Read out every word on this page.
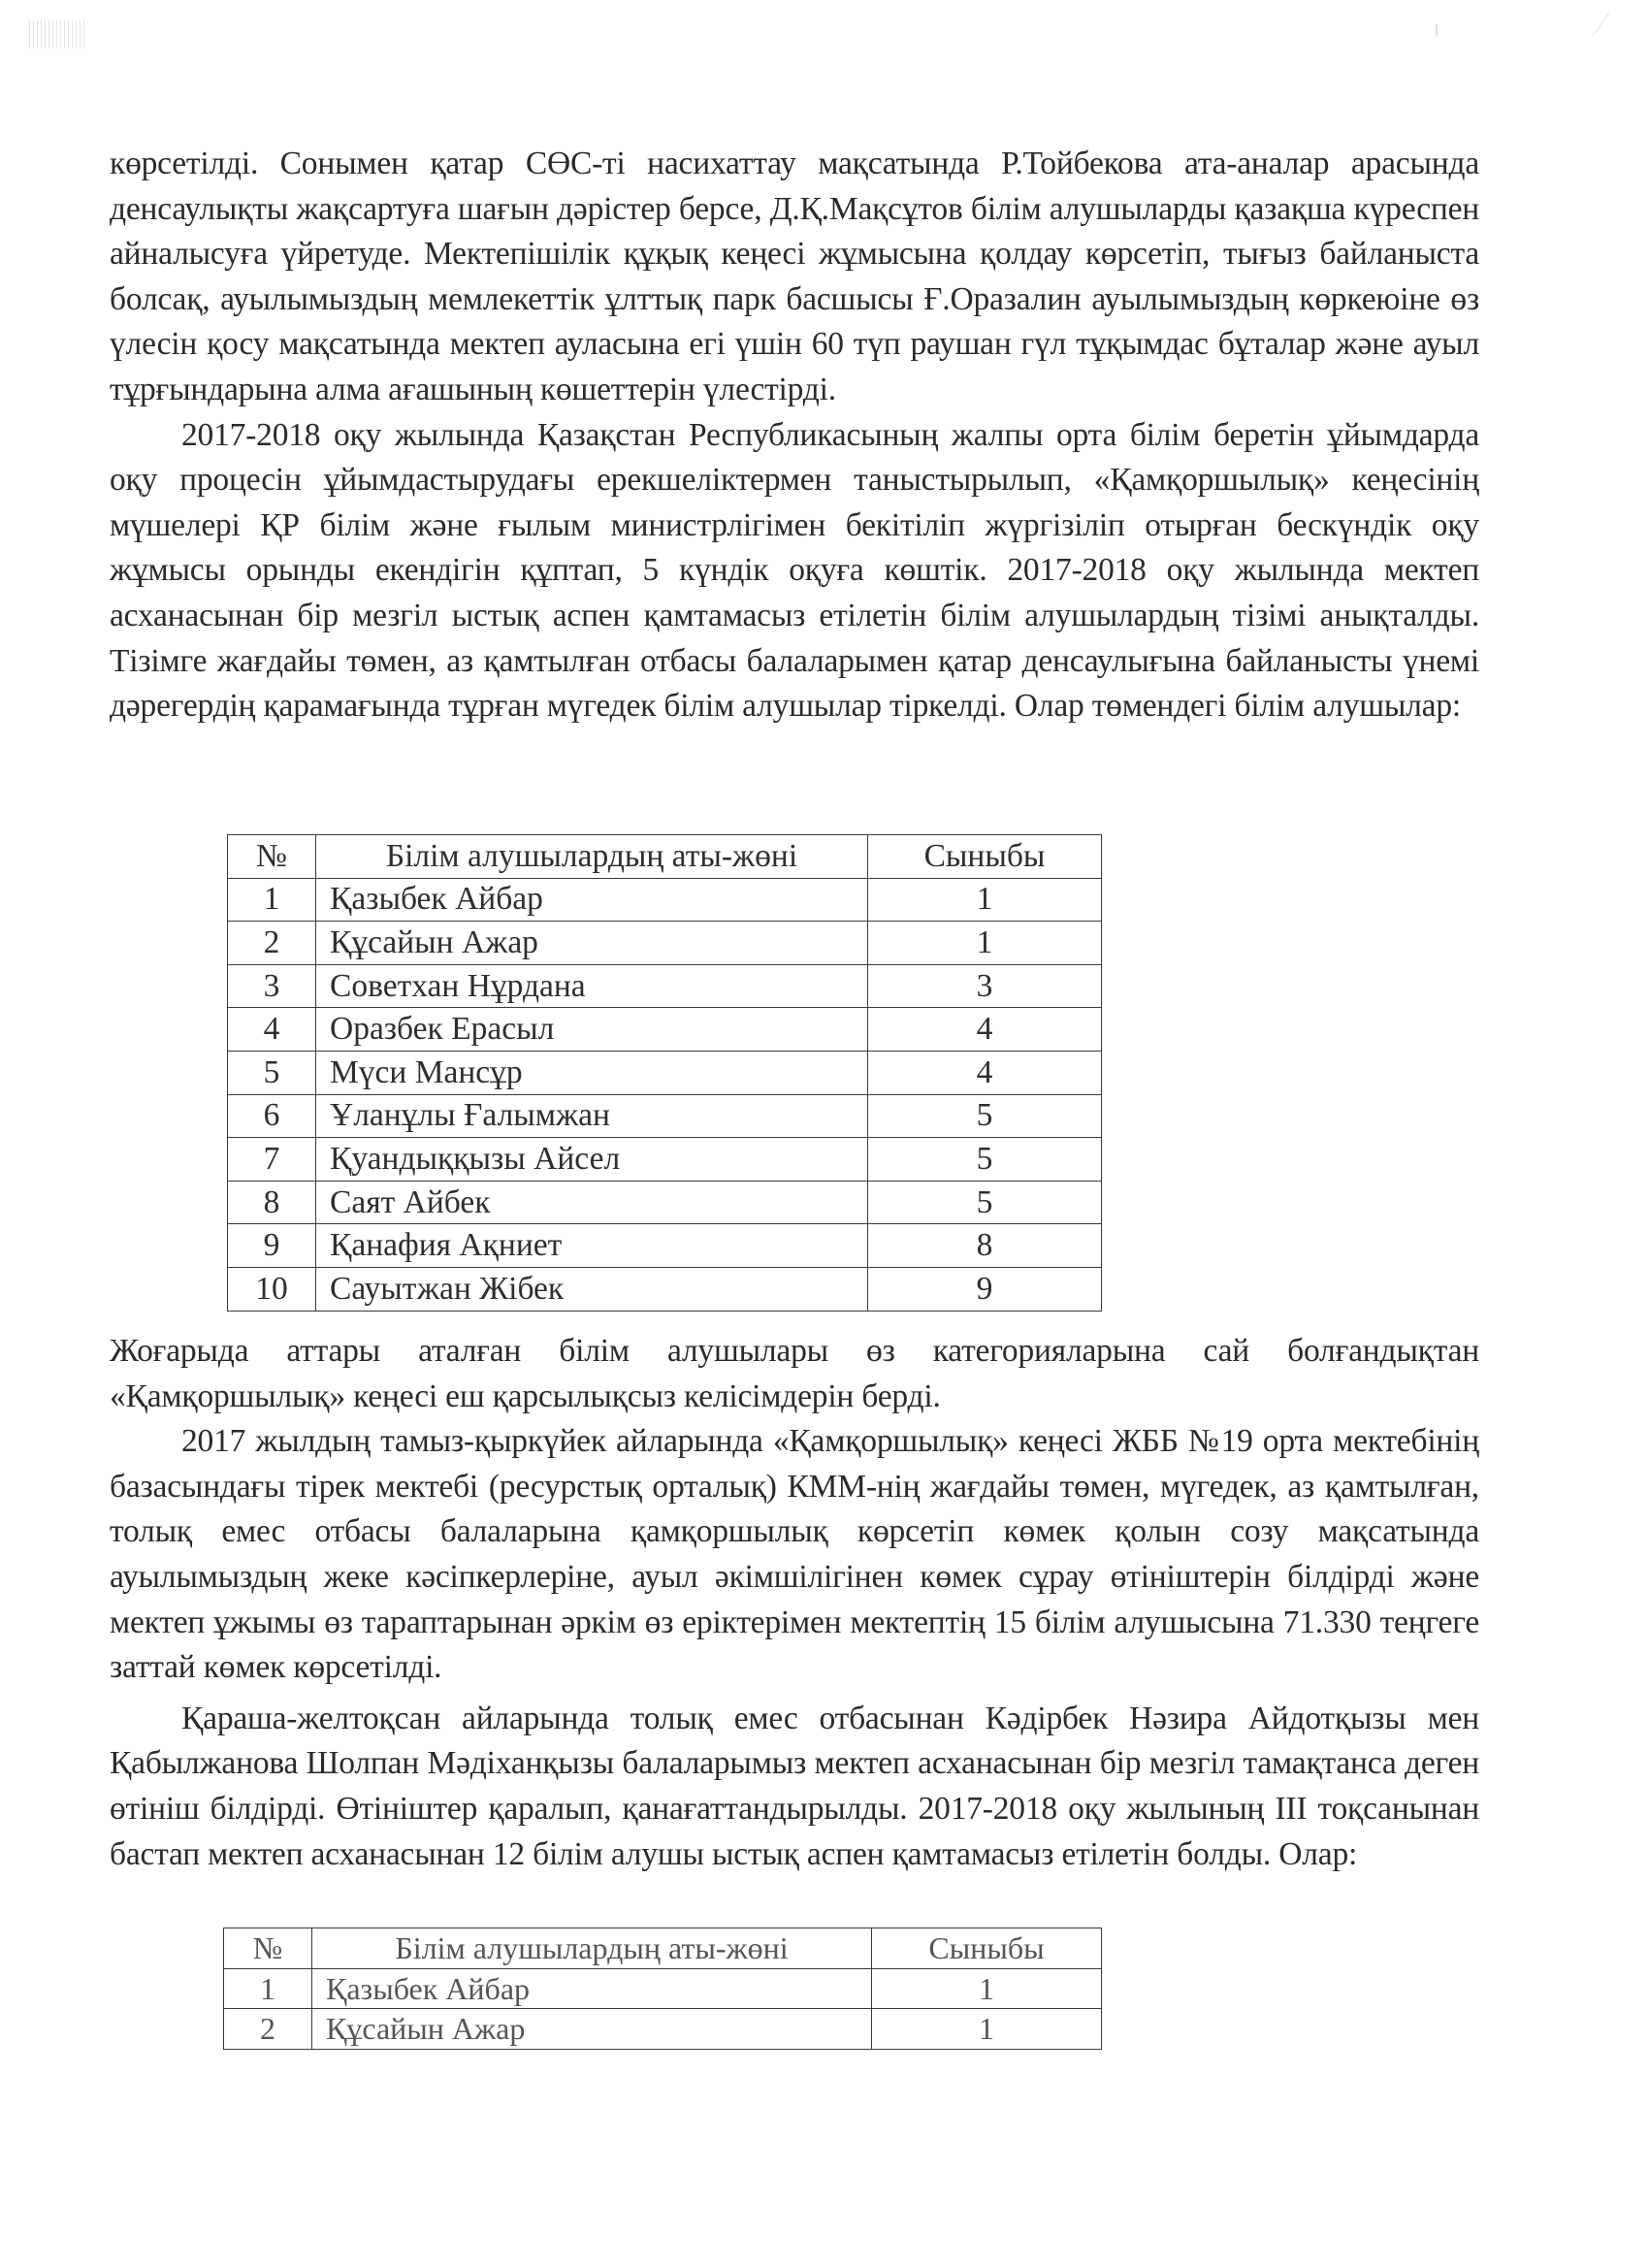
көрсетілді. Сонымен қатар СӨС-ті насихаттау мақсатында Р.Тойбекова ата-аналар арасында денсаулықты жақсартуға шағын дәрістер берсе, Д.Қ.Мақсұтов білім алушыларды қазақша күреспен айналысуға үйретуде. Мектепішілік құқық кеңесі жұмысына қолдау көрсетіп, тығыз байланыста болсақ, ауылымыздың мемлекеттік ұлттық парк басшысы Ғ.Оразалин ауылымыздың көркеюіне өз үлесін қосу мақсатында мектеп ауласына егі үшін 60 түп раушан гүл тұқымдас бұталар және ауыл тұрғындарына алма ағашының көшеттерін үлестірді.

2017-2018 оқу жылында Қазақстан Республикасының жалпы орта білім беретін ұйымдарда оқу процесін ұйымдастырудағы ерекшеліктермен таныстырылып, «Қамқоршылық» кеңесінің мүшелері ҚР білім және ғылым министрлігімен бекітіліп жүргізіліп отырған бескүндік оқу жұмысы орынды екендігін құптап, 5 күндік оқуға көштік. 2017-2018 оқу жылында мектеп асханасынан бір мезгіл ыстық аспен қамтамасыз етілетін білім алушылардың тізімі анықталды. Тізімге жағдайы төмен, аз қамтылған отбасы балаларымен қатар денсаулығына байланысты үнемі дәрегердің қарамағында тұрған мүгедек білім алушылар тіркелді. Олар төмендегі білім алушылар:

№	Білім алушылардың аты-жөні	Сыныбы
1	Қазыбек Айбар	1
2	Құсайын Ажар	1
3	Советхан Нұрдана	3
4	Оразбек Ерасыл	4
5	Мүси Мансұр	4
6	Ұланұлы Ғалымжан	5
7	Қуандыққызы Айсел	5
8	Саят Айбек	5
9	Қанафия Ақниет	8
10	Сауытжан Жібек	9

Жоғарыда аттары аталған білім алушылары өз категорияларына сай болғандықтан «Қамқоршылық» кеңесі еш қарсылықсыз келісімдерін берді.

2017 жылдың тамыз-қыркүйек айларында «Қамқоршылық» кеңесі ЖББ №19 орта мектебінің базасындағы тірек мектебі (ресурстық орталық) КММ-нің жағдайы төмен, мүгедек, аз қамтылған, толық емес отбасы балаларына қамқоршылық көрсетіп көмек қолын созу мақсатында ауылымыздың жеке кәсіпкерлеріне, ауыл әкімшілігінен көмек сұрау өтініштерін білдірді және мектеп ұжымы өз тараптарынан әркім өз еріктерімен мектептің 15 білім алушысына 71.330 теңгеге заттай көмек көрсетілді.

Қараша-желтоқсан айларында толық емес отбасынан Кәдірбек Нәзира Айдотқызы мен Қабылжанова Шолпан Мәдіханқызы балаларымыз мектеп асханасынан бір мезгіл тамақтанса деген өтініш білдірді. Өтініштер қаралып, қанағаттандырылды. 2017-2018 оқу жылының ІІІ тоқсанынан бастап мектеп асханасынан 12 білім алушы ыстық аспен қамтамасыз етілетін болды. Олар:

№	Білім алушылардың аты-жөні	Сыныбы
1	Қазыбек Айбар	1
2	Құсайын Ажар	1
